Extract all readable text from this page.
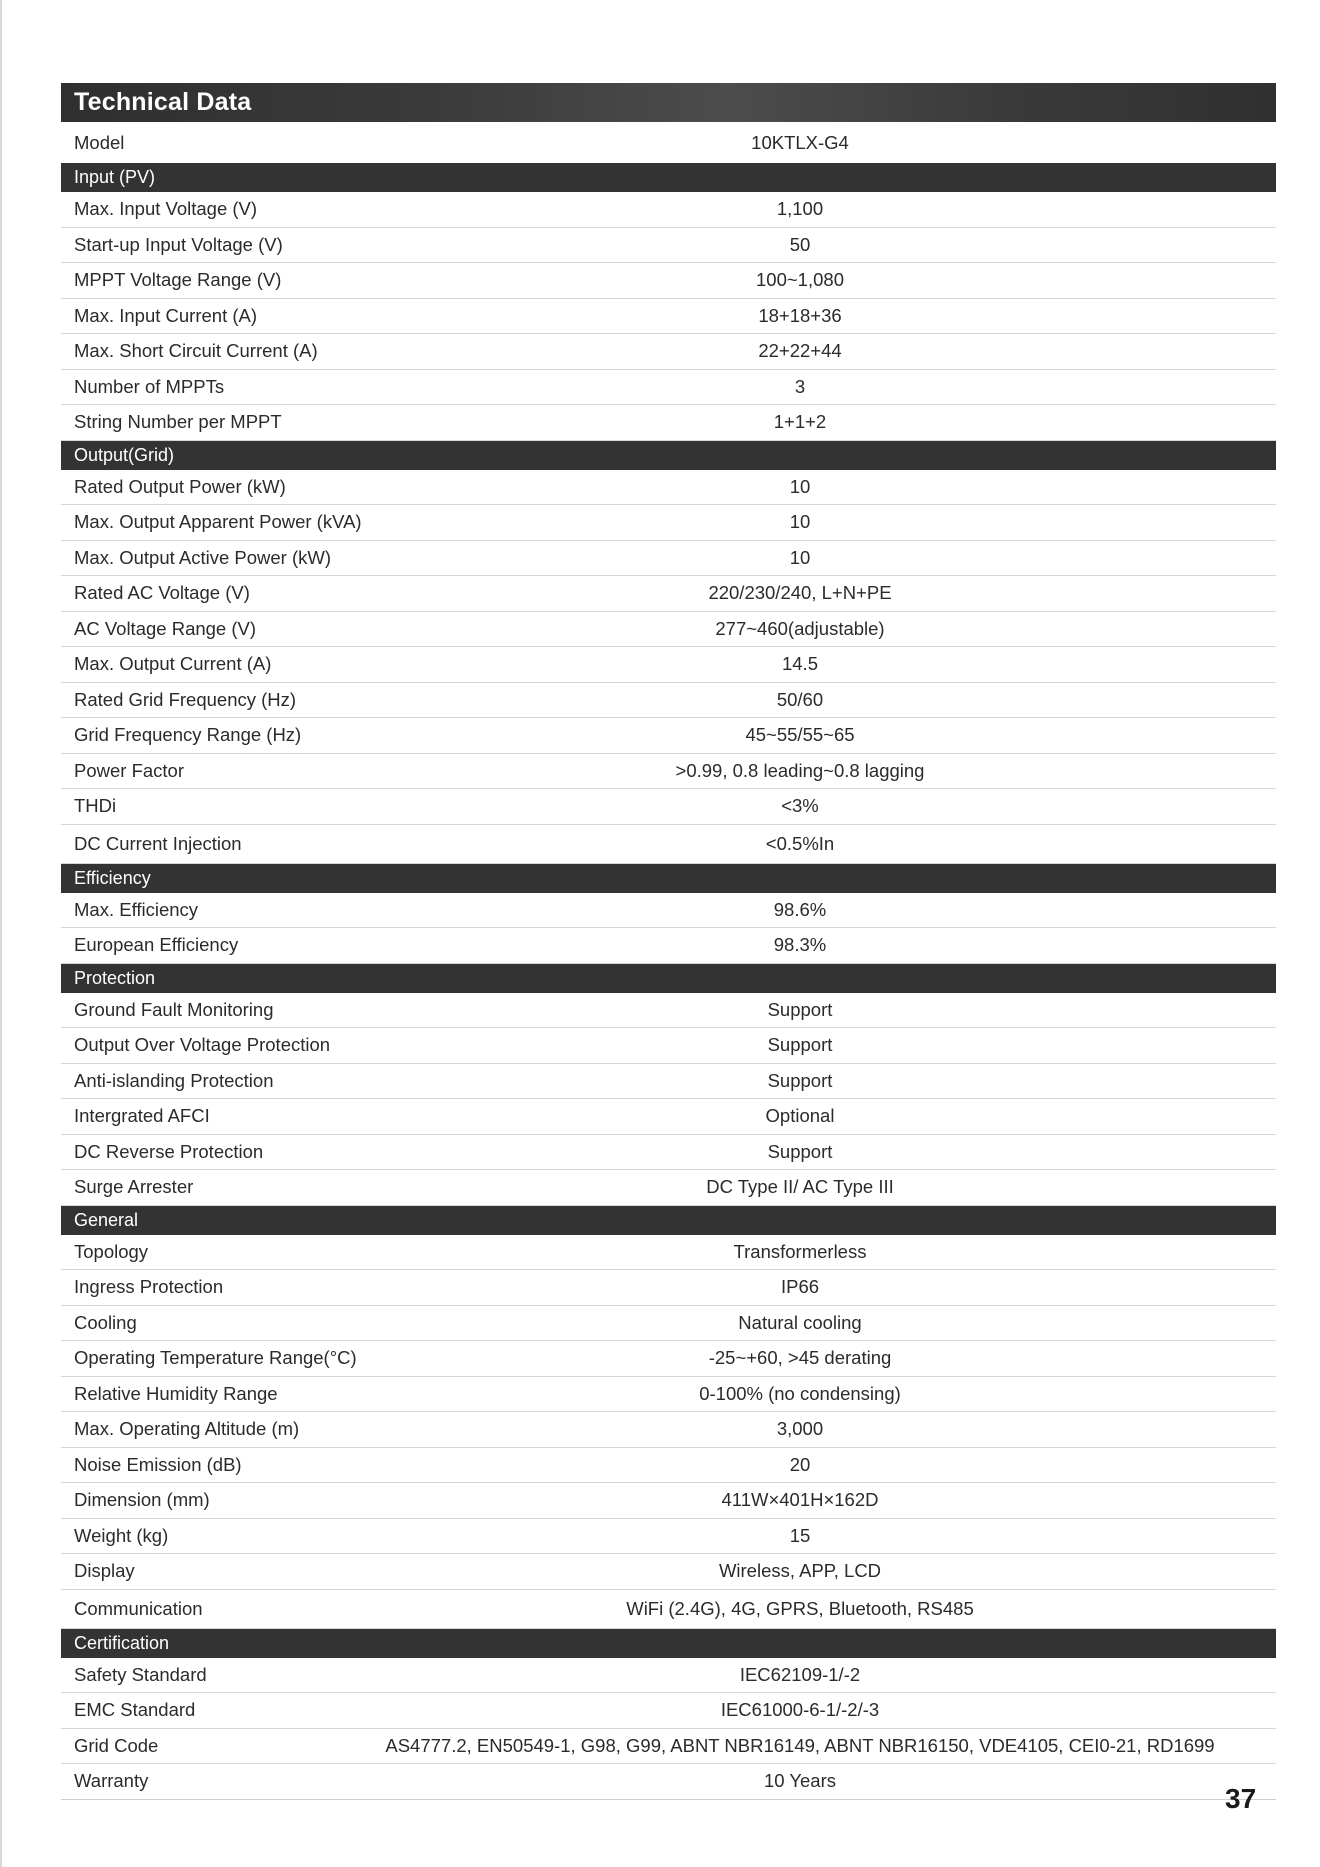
Technical Data
Model	10KTLX-G4
Input (PV)
Max. Input Voltage (V)	1,100
Start-up Input Voltage (V)	50
MPPT Voltage Range (V)	100~1,080
Max. Input Current (A)	18+18+36
Max. Short Circuit Current (A)	22+22+44
Number of MPPTs	3
String Number per MPPT	1+1+2
Output(Grid)
Rated Output Power (kW)	10
Max. Output Apparent Power (kVA)	10
Max. Output Active Power (kW)	10
Rated AC Voltage (V)	220/230/240, L+N+PE
AC Voltage Range (V)	277~460(adjustable)
Max. Output Current (A)	14.5
Rated Grid Frequency (Hz)	50/60
Grid Frequency Range (Hz)	45~55/55~65
Power Factor	>0.99, 0.8 leading~0.8 lagging
THDi	<3%
DC Current Injection	<0.5%In
Efficiency
Max. Efficiency	98.6%
European Efficiency	98.3%
Protection
Ground Fault Monitoring	Support
Output Over Voltage Protection	Support
Anti-islanding Protection	Support
Intergrated AFCI	Optional
DC Reverse Protection	Support
Surge Arrester	DC Type II/ AC Type III
General
Topology	Transformerless
Ingress Protection	IP66
Cooling	Natural cooling
Operating Temperature Range(°C)	-25~+60, >45 derating
Relative Humidity Range	0-100% (no condensing)
Max. Operating Altitude (m)	3,000
Noise Emission (dB)	20
Dimension (mm)	411W×401H×162D
Weight (kg)	15
Display	Wireless, APP, LCD
Communication	WiFi (2.4G), 4G, GPRS, Bluetooth, RS485
Certification
Safety Standard	IEC62109-1/-2
EMC Standard	IEC61000-6-1/-2/-3
Grid Code	AS4777.2, EN50549-1, G98, G99, ABNT NBR16149, ABNT NBR16150, VDE4105, CEI0-21, RD1699
Warranty	10 Years
37
